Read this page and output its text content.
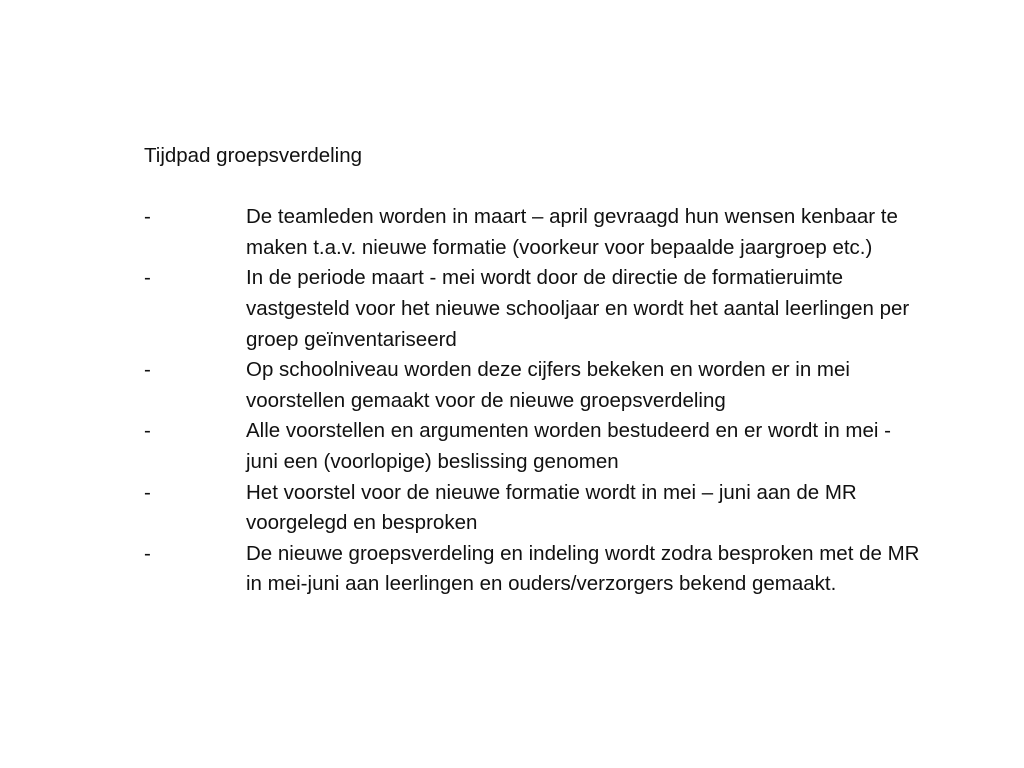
Tijdpad groepsverdeling
-	De teamleden worden in maart – april gevraagd hun wensen kenbaar te maken t.a.v. nieuwe formatie (voorkeur voor bepaalde jaargroep etc.)
-	In de periode maart - mei wordt door de directie de formatieruimte vastgesteld voor het nieuwe schooljaar en wordt het aantal leerlingen per groep geïnventariseerd
-	Op schoolniveau worden deze cijfers bekeken en worden er in mei voorstellen gemaakt voor de nieuwe groepsverdeling
-	Alle voorstellen en argumenten worden bestudeerd en er wordt in mei - juni een (voorlopige) beslissing genomen
-	Het voorstel voor de nieuwe formatie wordt in mei – juni aan de MR voorgelegd en besproken
-	De nieuwe groepsverdeling en indeling wordt zodra besproken met de MR in mei-juni aan leerlingen en ouders/verzorgers bekend gemaakt.
